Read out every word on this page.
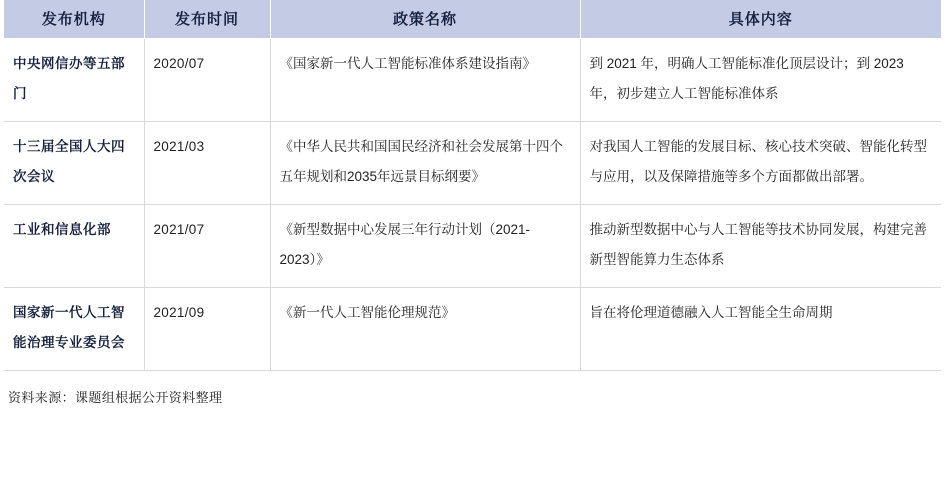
发布机构	发布时间	政策名称	具体内容
中央网信办等五部门	2020/07	《国家新一代人工智能标准体系建设指南》	到 2021 年，明确人工智能标准化顶层设计；到 2023 年，初步建立人工智能标准体系
十三届全国人大四次会议	2021/03	《中华人民共和国国民经济和社会发展第十四个五年规划和2035年远景目标纲要》	对我国人工智能的发展目标、核心技术突破、智能化转型与应用，以及保障措施等多个方面都做出部署。
工业和信息化部	2021/07	《新型数据中心发展三年行动计划（2021-2023）》	推动新型数据中心与人工智能等技术协同发展，构建完善新型智能算力生态体系
国家新一代人工智能治理专业委员会	2021/09	《新一代人工智能伦理规范》	旨在将伦理道德融入人工智能全生命周期
资料来源：课题组根据公开资料整理
